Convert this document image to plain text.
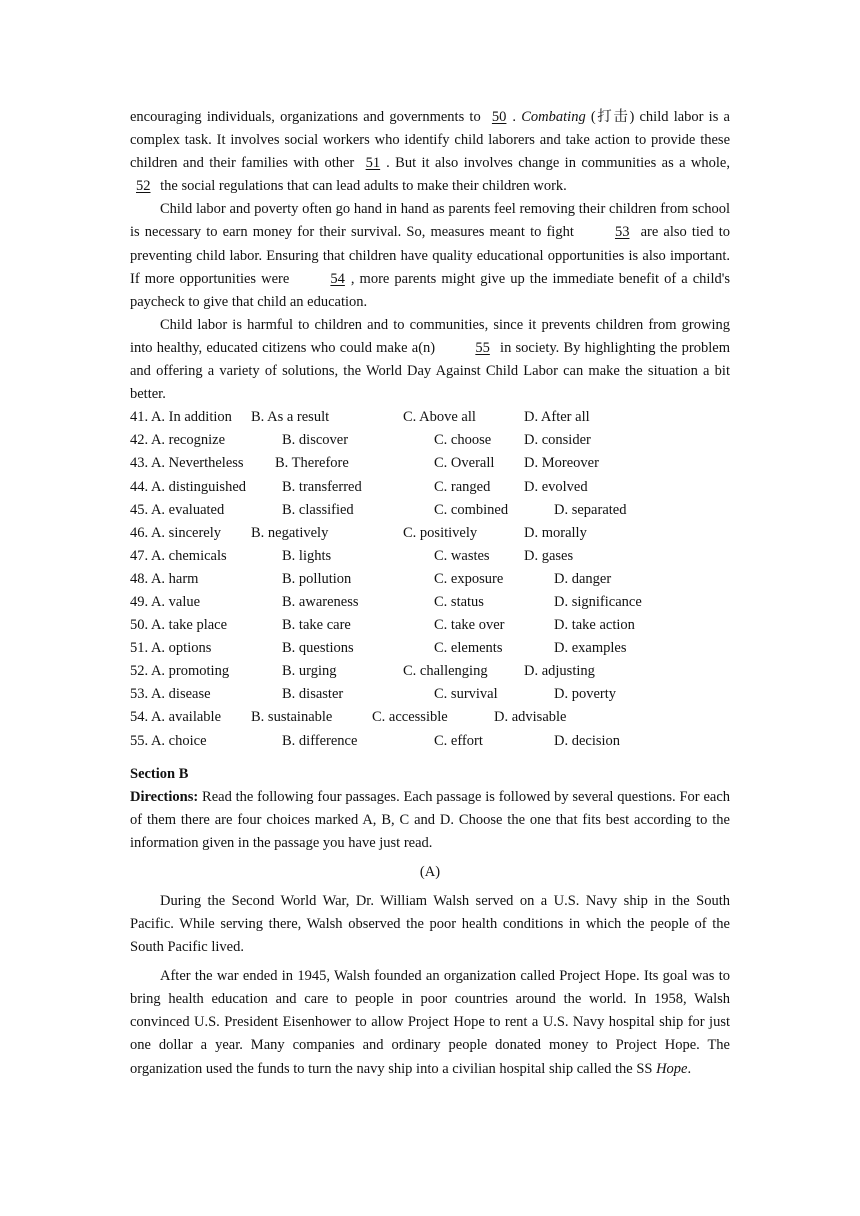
encouraging individuals, organizations and governments to 50 . Combating (打击) child labor is a complex task. It involves social workers who identify child laborers and take action to provide these children and their families with other 51 . But it also involves change in communities as a whole, 52 the social regulations that can lead adults to make their children work.

Child labor and poverty often go hand in hand as parents feel removing their children from school is necessary to earn money for their survival. So, measures meant to fight 53 are also tied to preventing child labor. Ensuring that children have quality educational opportunities is also important. If more opportunities were 54 , more parents might give up the immediate benefit of a child's paycheck to give that child an education.

Child labor is harmful to children and to communities, since it prevents children from growing into healthy, educated citizens who could make a(n) 55 in society. By highlighting the problem and offering a variety of solutions, the World Day Against Child Labor can make the situation a bit better.

41. A. In addition B. As a result	C. Above all	D. After all
42. A. recognize	B. discover	C. choose D. consider
43. A. Nevertheless B. Therefore	C. Overall D. Moreover
44. A. distinguished B. transferred	C. ranged D. evolved
45. A. evaluated	B. classified	C. combined	D. separated
46. A. sincerely B. negatively	C. positively	D. morally
47. A. chemicals	B. lights	C. wastes D. gases
48. A. harm	B. pollution	C. exposure	D. danger
49. A. value	B. awareness	C. status	D. significance
50. A. take place	B. take care	C. take over	D. take action
51. A. options	B. questions	C. elements	D. examples
52. A. promoting	B. urging	C. challenging	D. adjusting
53. A. disease	B. disaster	C. survival	D. poverty
54. A. available B. sustainable	C. accessible	D. advisable
55. A. choice	B. difference	C. effort	D. decision
Section B

Directions: Read the following four passages. Each passage is followed by several questions. For each of them there are four choices marked A, B, C and D. Choose the one that fits best according to the information given in the passage you have just read.

(A)

During the Second World War, Dr. William Walsh served on a U.S. Navy ship in the South Pacific. While serving there, Walsh observed the poor health conditions in which the people of the South Pacific lived.

After the war ended in 1945, Walsh founded an organization called Project Hope. Its goal was to bring health education and care to people in poor countries around the world. In 1958, Walsh convinced U.S. President Eisenhower to allow Project Hope to rent a U.S. Navy hospital ship for just one dollar a year. Many companies and ordinary people donated money to Project Hope. The organization used the funds to turn the navy ship into a civilian hospital ship called the SS Hope.
